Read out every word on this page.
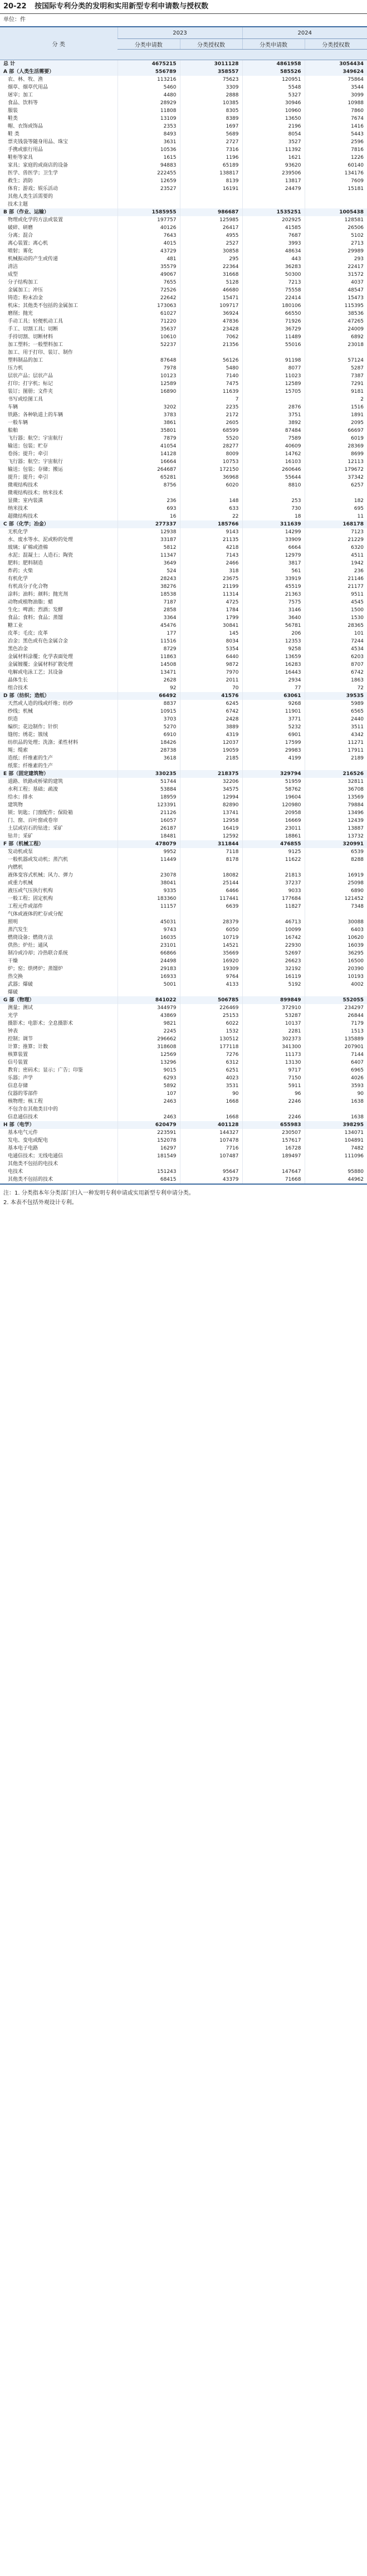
20-22 按国际专利分类的发明和实用新型专利申请数与授权数
单位：件
分 类	2023		2024	
	分类申请数	分类授权数	分类申请数	分类授权数

总 计	4675215	3011128	4861958	3054434
A 部（人类生活需要）	556789	358557	585526	349624
农、林、牧、渔	113216	75623	120951	75864
烟草、烟草代用品	5460	3309	5548	3544
屠宰；加工	4480	2888	5327	3099
食品、饮料等	28929	10385	30946	10988
服装	11808	8305	10960	7860
鞋类	13109	8389	13650	7674
帽、衣饰或饰品	2353	1697	2196	1416
鞋 类	8493	5689	8054	5443
票夹钱袋等随身用品、珠宝	3631	2727	3527	2596
手携或旅行用品	10536	7316	11392	7816
鞋柜等家具	1615	1196	1621	1226
家具；家庭的或商店的设备	94883	65189	93620	60140
医学、兽医学；卫生学	222455	138817	239506	134176
救生；消防	12659	8139	13817	7609
体育；游戏；娱乐活动	23527	16191	24479	15181
其他人类生活需要的				
技术主题				
B 部（作业、运输）	1585955	986687	1535251	1005438
物理或化学的方法或装置	197757	125985	202925	128581
破碎、研磨	40126	26417	41585	26506
分离；混合	7643	4955	7687	5102
离心装置；离心机	4015	2527	3993	2713
喷射；雾化	43729	30858	48634	29989
机械振动的产生或传递	481	295	443	293
清洁	35579	22364	36283	22417
成型	49067	31668	50300	31572
分子结构加工	7655	5128	7213	4037
金属加工；冲压	72526	46680	75558	48547
铸造；粉末冶金	22642	15471	22414	15473
机床；其他类不包括的金属加工	173063	109717	180106	115395
磨削；抛光	61027	36924	66550	38536
手动工具；轻便机动工具	71220	47836	71926	47265
手工、切割工具；切断	35637	23428	36729	24009
手持切割、切断材料	10610	7062	11489	6892
加工塑料；一般塑料加工	52237	21356	55016	23018
加工、用于打印、装订、制作				
塑料制品的加工	87648	56126	91198	57124
压力机	7978	5480	8077	5287
层状产品；层状产品	10123	7140	11023	7387
打印；打字机；标记	12589	7475	12589	7291
装订；图册；文件夹	16890	11639	15705	9181
书写或绘图工具		7		2
车辆	3202	2235	2876	1516
铁路；各种轨道上的车辆	3783	2172	3751	1891
一般车辆	3861	2605	3892	2095
船舶	35801	68599	87484	66697
飞行器；航空；宇宙航行	7879	5520	7589	6019
输送；包装；贮存	41054	28277	40609	28369
卷扬；提升；牵引	14128	8009	14762	8699
飞行器；航空；宇宙航行	16664	10753	16103	12113
输送；包装；存储；搬运	264687	172150	260646	179672
提升；提升；牵引	65281	36968	55644	37342
微观结构技术	8756	6020	8810	6257
微观结构技术；纳米技术				
显微；室内装潢	236	148	253	182
纳米技术	693	633	730	695
超微结构技术	16	22	18	11
C 部（化学；冶金）	277337	185766	311639	168178
无机化学	12938	9143	14299	7123
水、废水等水、泥或粉的处理	33187	21135	33909	21229
玻璃；矿棉或渣棉	5812	4218	6664	6320
水泥；混凝土；人造石；陶瓷	11347	7143	12979	4511
肥料；肥料制造	3649	2466	3817	1942
炸药；火柴	524	318	561	236
有机化学	28243	23675	33919	21146
有机高分子化合物	38276	21199	45519	21177
涂料；油料；颜料；抛光剂	18538	11314	21363	9511
动物或植物油脂；蜡	7187	4725	7575	4545
生化；啤酒；烈酒；发酵	2858	1784	3146	1500
食品；食料；食品；蒸馏	3364	1799	3640	1530
糖工业	45476	30841	56781	28365
皮革；毛皮；皮革	177	145	206	101
冶金；黑色或有色金属合金	11516	8034	12353	7244
黑色冶金	8729	5354	9258	4534
金属材料涂覆；化学表面处理	11863	6440	13659	6203
金属镀覆；金属材料扩散处理	14508	9872	16283	8707
电解或电泳工艺；其设备	13471	7970	16443	6742
晶体生长	2628	2011	2934	1863
组合技术	92	70	77	72
D 部（纺织；造纸）	66492	41576	63061	39535
天然或人造的线或纤维；纺纱	8837	6245	9268	5989
纱线；机械	10915	6742	11901	6565
织造	3703	2428	3771	2440
编织；花边制作；针织	5270	3889	5232	3511
缝纫；绣花；簇绒	6910	4319	6901	4342
纺织品的处理；洗涤；柔性材料	18426	12037	17599	11271
绳；缆索	28738	19059	29983	17911
造纸；纤维素的生产	3618	2185	4199	2189
纸浆；纤维素的生产				
E 部（固定建筑物）	330235	218375	329794	216526
道路、铁路或桥梁的建筑	51744	32206	51959	32811
水利工程；基础；疏浚	53884	34575	58762	36708
给水；排水	18959	12994	19604	13569
建筑物	123391	82890	120980	79884
锁；钥匙；门窗配件；保险箱	21126	13741	20958	13496
门、窗、百叶窗或卷帘	16057	12958	16669	12439
土层或岩石的钻进；采矿	26187	16419	23011	13887
钻井；采矿	18481	12592	18861	13732
F 部（机械工程）	478079	311844	476855	320991
发动机或泵	9952	7118	9125	6539
一般机器或发动机；蒸汽机	11449	8178	11622	8288
内燃机				
液体变容式机械；风力、弹力	23078	18082	21813	16919
或重力机械	38041	25144	37237	25098
液压或气压执行机构	9335	6466	9033	6890
一般工程；固定机构	183360	117441	177684	121452
工程元件或部件	11157	6639	11827	7348
气体或液体的贮存或分配				
照明	45031	28379	46713	30088
蒸汽发生	9743	6050	10099	6403
燃烧设备；燃烧方法	16035	10719	16742	10620
供热；炉灶；通风	23101	14521	22930	16039
制冷或冷却；冷热联合系统	66866	35669	52697	36295
干燥	24498	16920	26623	16500
炉；窑；烘烤炉；蒸馏炉	29183	19309	32192	20390
热交换	16933	9764	16119	10193
武器；爆破	5001	4133	5192	4002
爆破				
G 部（物理）	841022	506785	899849	552055
测量；测试	344979	226469	372910	234297
光学	43869	25153	53287	26844
摄影术；电影术；全息摄影术	9821	6022	10137	7179
钟表	2245	1532	2281	1513
控制；调节	296662	130512	302373	135889
计算；推算；计数	318608	177118	341300	207901
核算装置	12569	7276	11173	7144
信号装置	13296	6312	13130	6407
教育；密码术；显示；广告；印鉴	9015	6251	9717	6965
乐器；声学	6293	4023	7150	4026
信息存储	5892	3531	5911	3593
仪器的零部件	107	90	96	90
核物理；核工程	2463	1668	2246	1638
不包含在其他类目中的				
信息通信技术	2463	1668	2246	1638
H 部（电学）	620479	401128	655983	398295
基本电气元件	223591	144327	230507	134071
发电、变电或配电	152078	107478	157617	104891
基本电子电路	16297	7716	16728	7482
电通信技术；无线电通信	181549	107487	189497	111096
其他类不包括的电技术				
电技术	151243	95647	147647	95880
其他类不包括的技术	68415	43379	71668	44962
注：1. 分类指本年分类部门归入一种发明专利申请或实用新型专利申请分类。
2. 本表不包括外观设计专利。
